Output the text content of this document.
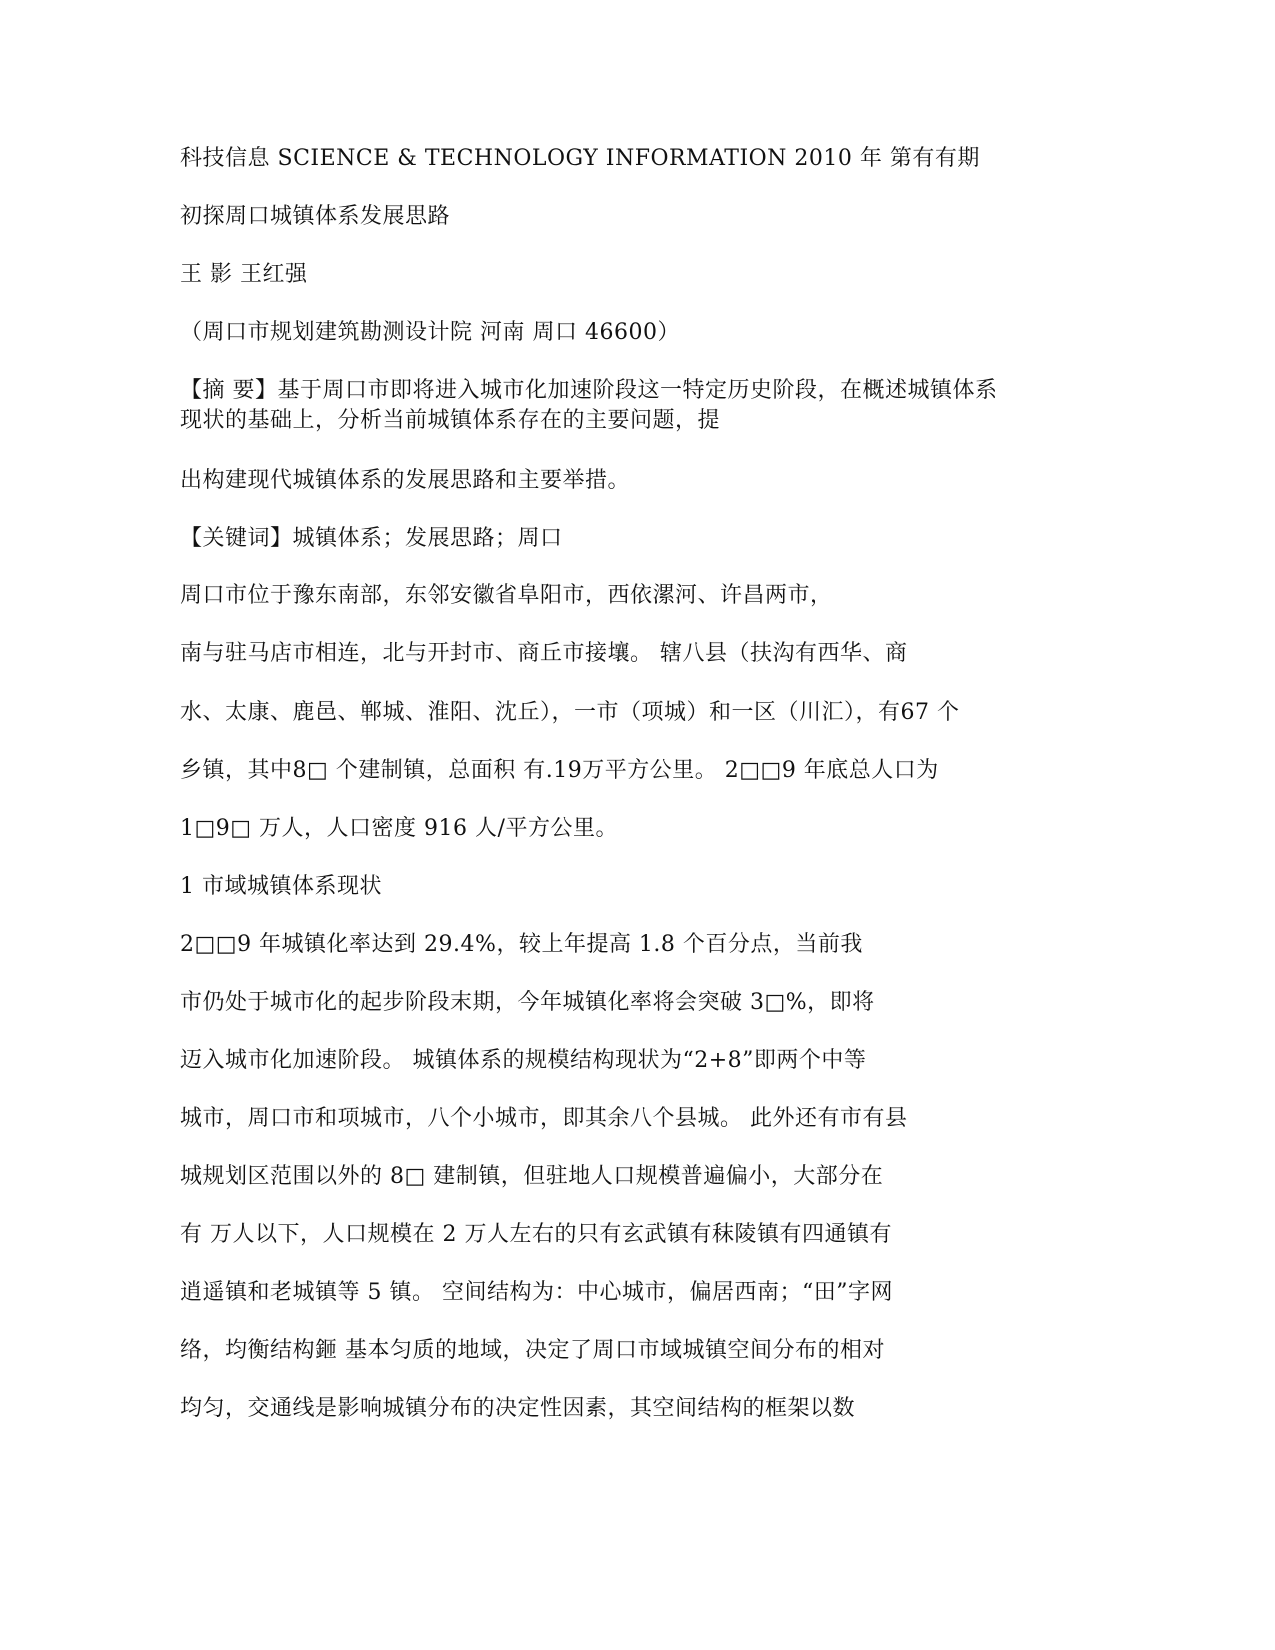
科技信息 SCIENCE & TECHNOLOGY INFORMATION 2010 年 第有有期
初探周口城镇体系发展思路
王 影 王红强
（周口市规划建筑勘测设计院 河南 周口 46600）
【摘 要】基于周口市即将进入城市化加速阶段这一特定历史阶段，在概述城镇体系
现状的基础上，分析当前城镇体系存在的主要问题，提
出构建现代城镇体系的发展思路和主要举措。
【关键词】城镇体系；发展思路；周口
周口市位于豫东南部，东邻安徽省阜阳市，西依漯河、许昌两市，
南与驻马店市相连，北与开封市、商丘市接壤。 辖八县（扶沟有西华、商
水、太康、鹿邑、郸城、淮阳、沈丘），一市（项城）和一区（川汇），有67 个
乡镇，其中8□ 个建制镇，总面积 有.19万平方公里。 2□□9 年底总人口为
1□9□ 万人，人口密度 916 人/平方公里。
1 市域城镇体系现状
2□□9 年城镇化率达到 29.4%，较上年提高 1.8 个百分点，当前我
市仍处于城市化的起步阶段末期，今年城镇化率将会突破 3□%，即将
迈入城市化加速阶段。 城镇体系的规模结构现状为“2+8”即两个中等
城市，周口市和项城市，八个小城市，即其余八个县城。 此外还有市有县
城规划区范围以外的 8□ 建制镇，但驻地人口规模普遍偏小，大部分在
有 万人以下，人口规模在 2 万人左右的只有玄武镇有秣陵镇有四通镇有
逍遥镇和老城镇等 5 镇。 空间结构为：中心城市，偏居西南；“田”字网
络，均衡结构鉔 基本匀质的地域，决定了周口市域城镇空间分布的相对
均匀，交通线是影响城镇分布的决定性因素，其空间结构的框架以数
